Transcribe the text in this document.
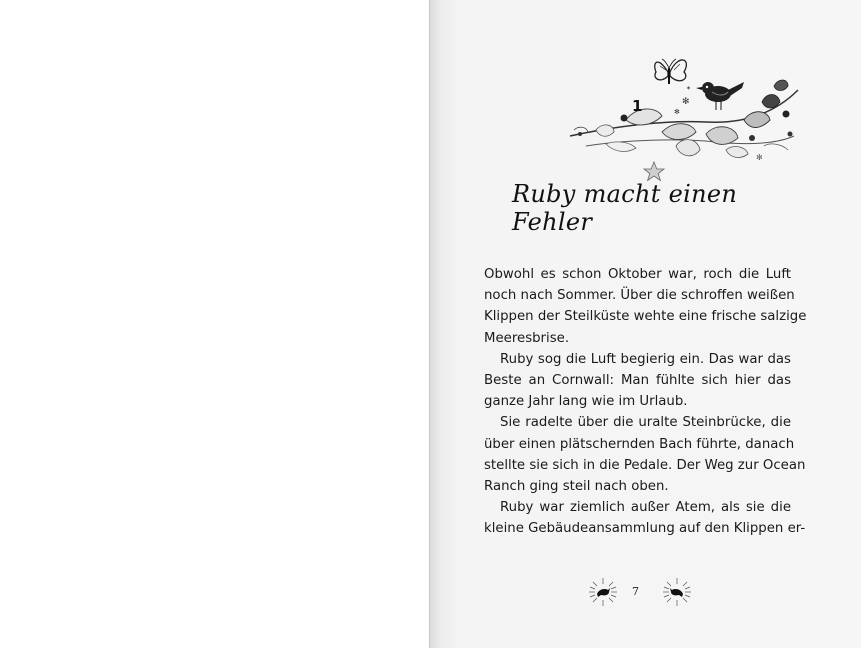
✻
✻
✶
✻
1
Ruby macht einen Fehler
Obwohl es schon Oktober war, roch die Luft
noch nach Sommer. Über die schroffen weißen
Klippen der Steilküste wehte eine frische salzige
Meeresbrise.
Ruby sog die Luft begierig ein. Das war das
Beste an Cornwall: Man fühlte sich hier das
ganze Jahr lang wie im Urlaub.
Sie radelte über die uralte Steinbrücke, die
über einen plätschernden Bach führte, danach
stellte sie sich in die Pedale. Der Weg zur Ocean
Ranch ging steil nach oben.
Ruby war ziemlich außer Atem, als sie die
kleine Gebäudeansammlung auf den Klippen er-
7
